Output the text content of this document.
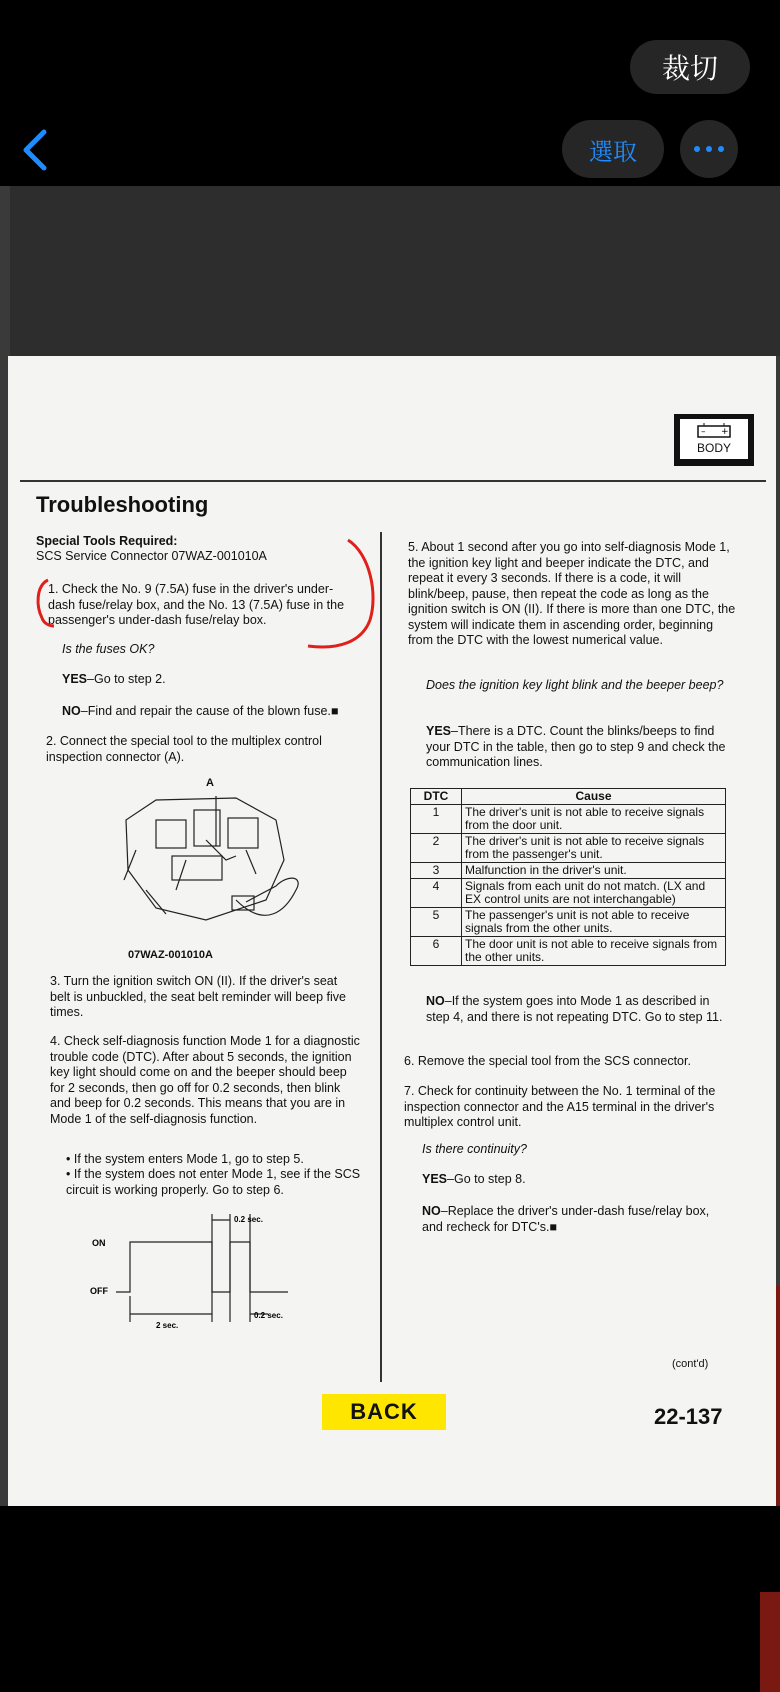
裁切
選取
– +
BODY
Troubleshooting
Special Tools Required:
SCS Service Connector 07WAZ-001010A
1. Check the No. 9 (7.5A) fuse in the driver's under-dash fuse/relay box, and the No. 13 (7.5A) fuse in the passenger's under-dash fuse/relay box.
Is the fuses OK?
YES–Go to step 2.
NO–Find and repair the cause of the blown fuse.■
2. Connect the special tool to the multiplex control inspection connector (A).
A
07WAZ-001010A
3. Turn the ignition switch ON (II). If the driver's seat belt is unbuckled, the seat belt reminder will beep five times.
4. Check self-diagnosis function Mode 1 for a diagnostic trouble code (DTC). After about 5 seconds, the ignition key light should come on and the beeper should beep for 2 seconds, then go off for 0.2 seconds, then blink and beep for 0.2 seconds. This means that you are in Mode 1 of the self-diagnosis function.
• If the system enters Mode 1, go to step 5.
• If the system does not enter Mode 1, see if the SCS circuit is working properly. Go to step 6.
ON
OFF
2 sec.
0.2 sec.
0.2 sec.
5. About 1 second after you go into self-diagnosis Mode 1, the ignition key light and beeper indicate the DTC, and repeat it every 3 seconds. If there is a code, it will blink/beep, pause, then repeat the code as long as the ignition switch is ON (II). If there is more than one DTC, the system will indicate them in ascending order, beginning from the DTC with the lowest numerical value.
Does the ignition key light blink and the beeper beep?
YES–There is a DTC. Count the blinks/beeps to find your DTC in the table, then go to step 9 and check the communication lines.
DTC	Cause
1	The driver's unit is not able to receive signals from the door unit.
2	The driver's unit is not able to receive signals from the passenger's unit.
3	Malfunction in the driver's unit.
4	Signals from each unit do not match. (LX and EX control units are not interchangable)
5	The passenger's unit is not able to receive signals from the other units.
6	The door unit is not able to receive signals from the other units.
NO–If the system goes into Mode 1 as described in step 4, and there is not repeating DTC. Go to step 11.
6. Remove the special tool from the SCS connector.
7. Check for continuity between the No. 1 terminal of the inspection connector and the A15 terminal in the driver's multiplex control unit.
Is there continuity?
YES–Go to step 8.
NO–Replace the driver's under-dash fuse/relay box, and recheck for DTC's.■
(cont'd)
BACK	22-137
